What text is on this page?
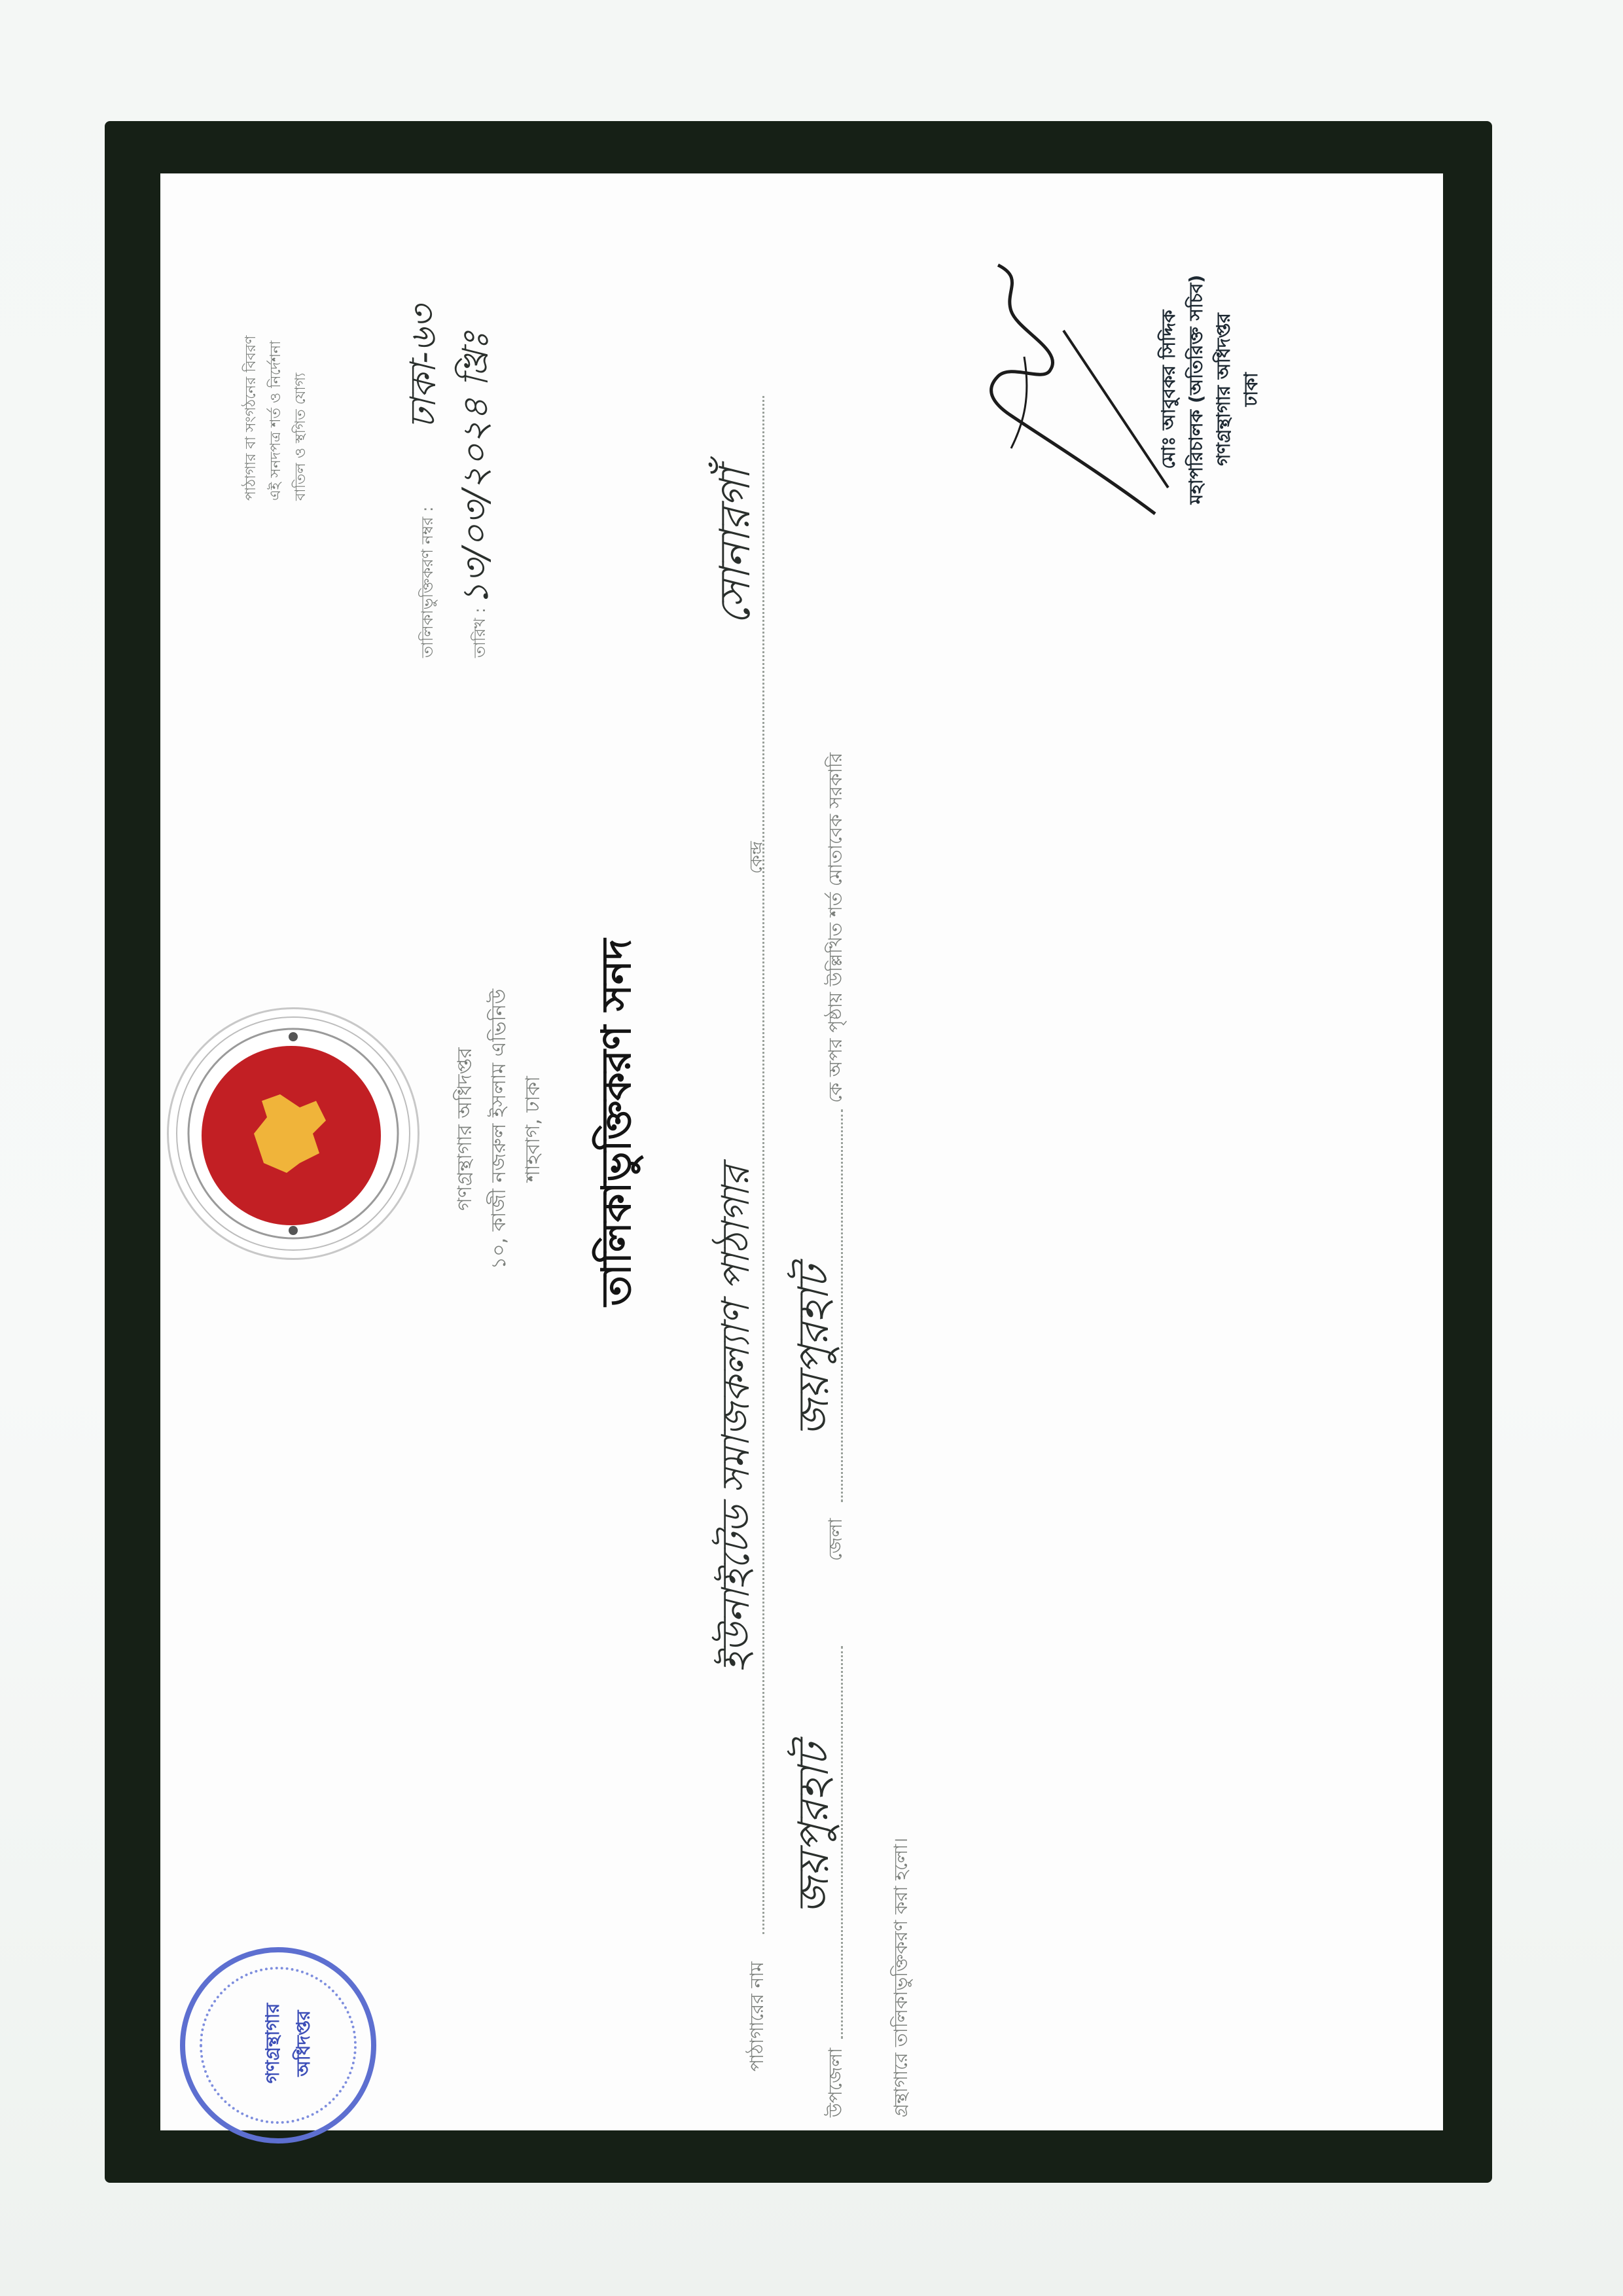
গণগ্রন্থাগার অধিদপ্তর
গণগ্রন্থাগার অধিদপ্তর ১০, কাজী নজরুল ইসলাম এভিনিউ শাহবাগ, ঢাকা
পাঠাগার বা সংগঠনের বিবরণ এই সনদপত্র শর্ত ও নির্দেশনা বাতিল ও স্থগিত যোগ্য
তালিকাভুক্তিকরণ নম্বর :
ঢাকা-৬৩
তারিখ :
১৩/০৩/২০২৪ খ্রিঃ
তালিকাভুক্তিকরণ সনদ
পাঠাগারের নাম
ইউনাইটেড সমাজকল্যাণ পাঠাগার
কেন্দ্র
সোনারগাঁ
উপজেলা
জয়পুরহাট
জেলা
জয়পুরহাট
কে অপর পৃষ্ঠায় উল্লিখিত শর্ত মোতাবেক সরকারি
গ্রন্থাগারে তালিকাভুক্তিকরণ করা হলো।
মোঃ আবুবকর সিদ্দিক মহাপরিচালক (অতিরিক্ত সচিব) গণগ্রন্থাগার অধিদপ্তর ঢাকা
